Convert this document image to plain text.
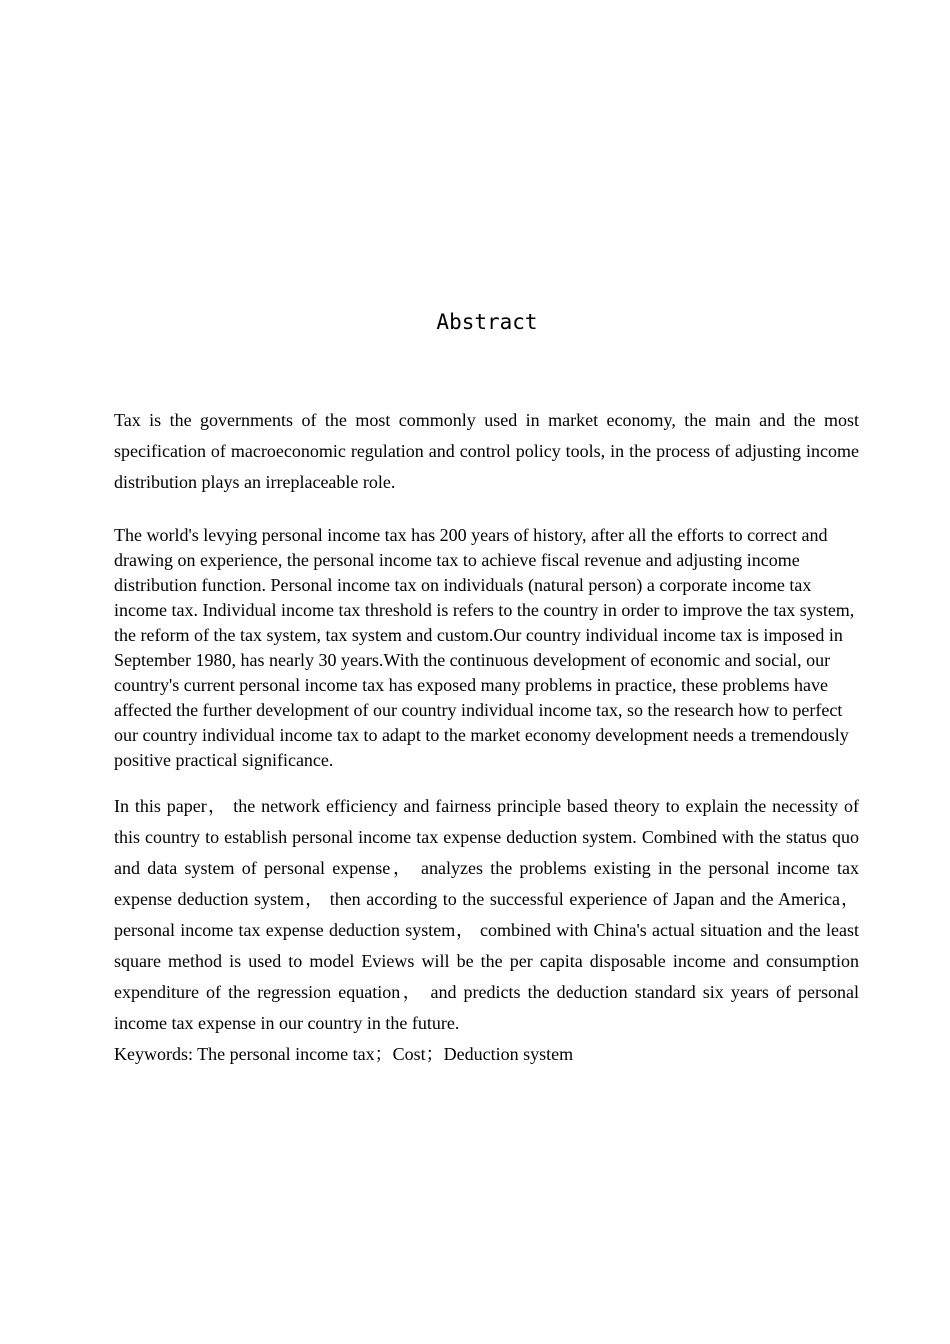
Abstract

Tax is the governments of the most commonly used in market economy, the main and the most specification of macroeconomic regulation and control policy tools, in the process of adjusting income distribution plays an irreplaceable role.

The world's levying personal income tax has 200 years of history, after all the efforts to correct and drawing on experience, the personal income tax to achieve fiscal revenue and adjusting income distribution function. Personal income tax on individuals (natural person) a corporate income tax income tax. Individual income tax threshold is refers to the country in order to improve the tax system, the reform of the tax system, tax system and custom.Our country individual income tax is imposed in September 1980, has nearly 30 years.With the continuous development of economic and social, our country's current personal income tax has exposed many problems in practice, these problems have affected the further development of our country individual income tax, so the research how to perfect our country individual income tax to adapt to the market economy development needs a tremendously positive practical significance.

In this paper， the network efficiency and fairness principle based theory to explain the necessity of this country to establish personal income tax expense deduction system. Combined with the status quo and data system of personal expense， analyzes the problems existing in the personal income tax expense deduction system， then according to the successful experience of Japan and the America， personal income tax expense deduction system， combined with China's actual situation and the least square method is used to model Eviews will be the per capita disposable income and consumption expenditure of the regression equation， and predicts the deduction standard six years of personal income tax expense in our country in the future.

Keywords: The personal income tax；Cost；Deduction system
